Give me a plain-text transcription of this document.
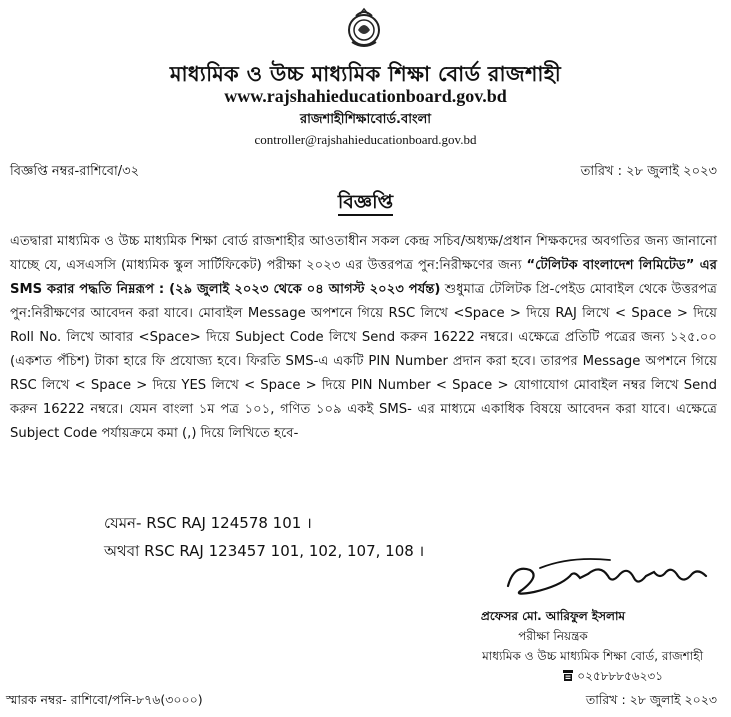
মাধ্যমিক ও উচ্চ মাধ্যমিক শিক্ষা বোর্ড রাজশাহী
www.rajshahieducationboard.gov.bd
রাজশাহীশিক্ষাবোর্ড.বাংলা
controller@rajshahieducationboard.gov.bd
বিজ্ঞপ্তি নম্বর-রাশিবো/৩২	তারিখ : ২৮ জুলাই ২০২৩
বিজ্ঞপ্তি
এতদ্বারা মাধ্যমিক ও উচ্চ মাধ্যমিক শিক্ষা বোর্ড রাজশাহীর আওতাধীন সকল কেন্দ্র সচিব/অধ্যক্ষ/প্রধান শিক্ষকদের অবগতির জন্য জানানো যাচ্ছে যে, এসএসসি (মাধ্যমিক স্কুল সার্টিফিকেট) পরীক্ষা ২০২৩ এর উত্তরপত্র পুন:নিরীক্ষণের জন্য “টেলিটক বাংলাদেশ লিমিটেড” এর SMS করার পদ্ধতি নিম্নরূপ : (২৯ জুলাই ২০২৩ থেকে ০৪ আগস্ট ২০২৩ পর্যন্ত) শুধুমাত্র টেলিটক প্রি-পেইড মোবাইল থেকে উত্তরপত্র পুন:নিরীক্ষণের আবেদন করা যাবে। মোবাইল Message অপশনে গিয়ে RSC লিখে <Space > দিয়ে RAJ লিখে < Space > দিয়ে Roll No. লিখে আবার <Space> দিয়ে Subject Code লিখে Send করুন 16222 নম্বরে। এক্ষেত্রে প্রতিটি পত্রের জন্য ১২৫.০০ (একশত পঁচিশ) টাকা হারে ফি প্রযোজ্য হবে। ফিরতি SMS-এ একটি PIN Number প্রদান করা হবে। তারপর Message অপশনে গিয়ে RSC লিখে < Space > দিয়ে YES লিখে < Space > দিয়ে PIN Number < Space > যোগাযোগ মোবাইল নম্বর লিখে Send করুন 16222 নম্বরে। যেমন বাংলা ১ম পত্র ১০১, গণিত ১০৯ একই SMS- এর মাধ্যমে একাধিক বিষয়ে আবেদন করা যাবে। এক্ষেত্রে Subject Code পর্যায়ক্রমে কমা (,) দিয়ে লিখিতে হবে-
যেমন- RSC RAJ 124578 101 ।
অথবা RSC RAJ 123457 101, 102, 107, 108 ।
প্রফেসর মো. আরিফুল ইসলাম
পরীক্ষা নিয়ন্ত্রক
মাধ্যমিক ও উচ্চ মাধ্যমিক শিক্ষা বোর্ড, রাজশাহী
০২৫৮৮৮৫৬২৩১
স্মারক নম্বর- রাশিবো/পনি-৮৭৬(৩০০০)	তারিখ : ২৮ জুলাই ২০২৩
